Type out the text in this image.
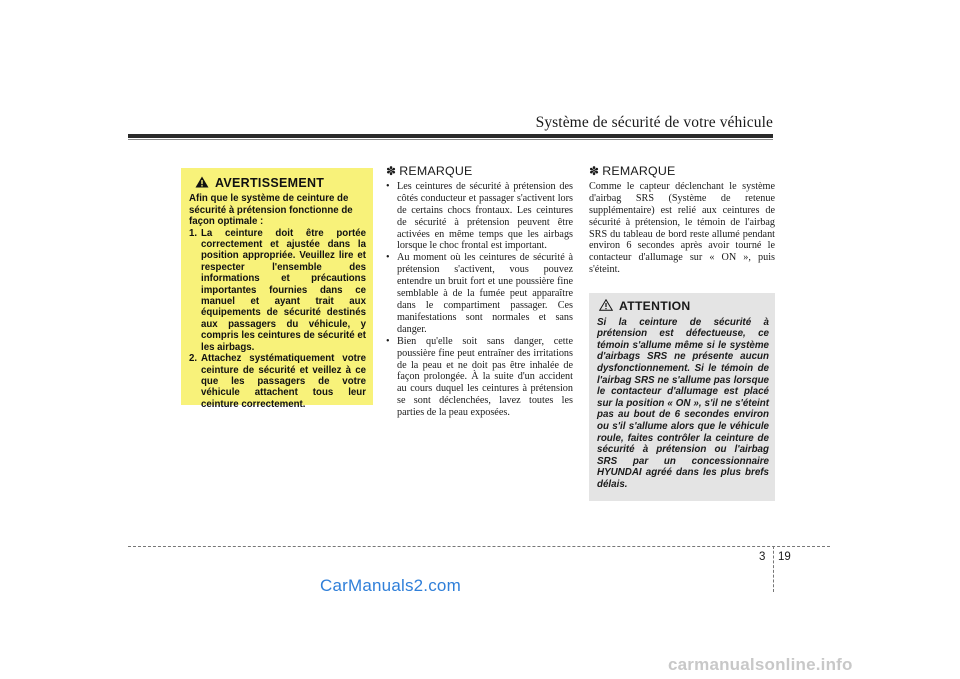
Système de sécurité de votre véhicule
AVERTISSEMENT
Afin que le système de ceinture de sécurité à prétension fonctionne de façon optimale :
1. La ceinture doit être portée correctement et ajustée dans la position appropriée. Veuillez lire et respecter l'ensemble des informations et précautions importantes fournies dans ce manuel et ayant trait aux équipements de sécurité destinés aux passagers du véhicule, y compris les ceintures de sécurité et les airbags.
2. Attachez systématiquement votre ceinture de sécurité et veillez à ce que les passagers de votre véhicule attachent tous leur ceinture correctement.
✽ REMARQUE

• Les ceintures de sécurité à prétension des côtés conducteur et passager s'activent lors de certains chocs frontaux. Les ceintures de sécurité à prétension peuvent être activées en même temps que les airbags lorsque le choc frontal est important.

• Au moment où les ceintures de sécurité à prétension s'activent, vous pouvez entendre un bruit fort et une poussière fine semblable à de la fumée peut apparaître dans le compartiment passager. Ces manifestations sont normales et sans danger.

• Bien qu'elle soit sans danger, cette poussière fine peut entraîner des irritations de la peau et ne doit pas être inhalée de façon prolongée. À la suite d'un accident au cours duquel les ceintures à prétension se sont déclenchées, lavez toutes les parties de la peau exposées.

✽ REMARQUE

Comme le capteur déclenchant le système d'airbag SRS (Système de retenue supplémentaire) est relié aux ceintures de sécurité à prétension, le témoin de l'airbag SRS du tableau de bord reste allumé pendant environ 6 secondes après avoir tourné le contacteur d'allumage sur « ON », puis s'éteint.

ATTENTION

Si la ceinture de sécurité à prétension est défectueuse, ce témoin s'allume même si le système d'airbags SRS ne présente aucun dysfonctionnement. Si le témoin de l'airbag SRS ne s'allume pas lorsque le contacteur d'allumage est placé sur la position « ON », s'il ne s'éteint pas au bout de 6 secondes environ ou s'il s'allume alors que le véhicule roule, faites contrôler la ceinture de sécurité à prétension ou l'airbag SRS par un concessionnaire HYUNDAI agréé dans les plus brefs délais.

3 19
CarManuals2.com
carmanualsonline.info
